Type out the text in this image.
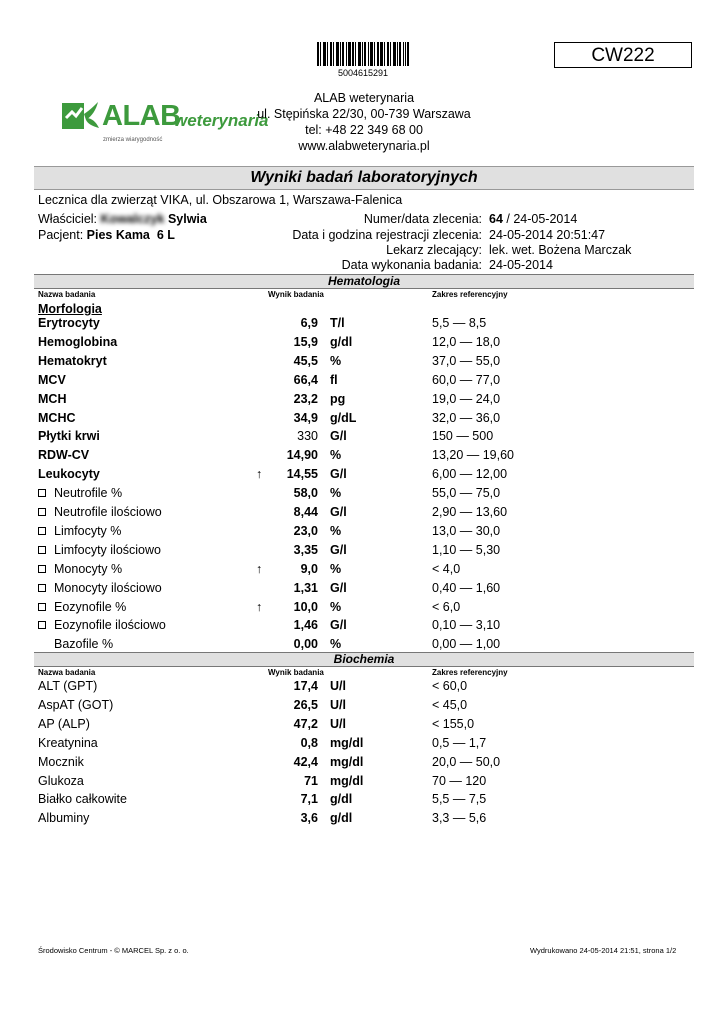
5004615291
CW222
ALAB
weterynaria
zmierza wiarygodność
ALAB weterynaria
ul. Stępińska 22/30, 00-739 Warszawa
tel: +48 22 349 68 00
www.alabweterynaria.pl
Wyniki badań laboratoryjnych
Lecznica dla zwierząt VIKA, ul. Obszarowa 1, Warszawa-Falenica
Właściciel: Kowalczyk Sylwia
Pacjent: Pies Kama 6 L
Numer/data zlecenia: 64 / 24-05-2014
Data i godzina rejestracji zlecenia: 24-05-2014 20:51:47
Lekarz zlecający: lek. wet. Bożena Marczak
Data wykonania badania: 24-05-2014
Hematologia
Nazwa badania	Wynik badania	Zakres referencyjny
Morfologia
Erytrocyty	6,9 T/l	5,5 — 8,5
Hemoglobina	15,9 g/dl	12,0 — 18,0
Hematokryt	45,5 %	37,0 — 55,0
MCV	66,4 fl	60,0 — 77,0
MCH	23,2 pg	19,0 — 24,0
MCHC	34,9 g/dL	32,0 — 36,0
Płytki krwi	330 G/l	150 — 500
RDW-CV	14,90 %	13,20 — 19,60
Leukocyty	↑	14,55 G/l	6,00 — 12,00
Neutrofile %	58,0 %	55,0 — 75,0
Neutrofile ilościowo	8,44 G/l	2,90 — 13,60
Limfocyty %	23,0 %	13,0 — 30,0
Limfocyty ilościowo	3,35 G/l	1,10 — 5,30
Monocyty %	↑	9,0 %	< 4,0
Monocyty ilościowo	1,31 G/l	0,40 — 1,60
Eozynofile %	↑	10,0 %	< 6,0
Eozynofile ilościowo	1,46 G/l	0,10 — 3,10
Bazofile %	0,00 %	0,00 — 1,00
Biochemia
Nazwa badania	Wynik badania	Zakres referencyjny
ALT (GPT)	17,4 U/l	< 60,0
AspAT (GOT)	26,5 U/l	< 45,0
AP (ALP)	47,2 U/l	< 155,0
Kreatynina	0,8 mg/dl	0,5 — 1,7
Mocznik	42,4 mg/dl	20,0 — 50,0
Glukoza	71 mg/dl	70 — 120
Białko całkowite	7,1 g/dl	5,5 — 7,5
Albuminy	3,6 g/dl	3,3 — 5,6
Środowisko Centrum - © MARCEL Sp. z o. o.	Wydrukowano 24-05-2014 21:51, strona 1/2
